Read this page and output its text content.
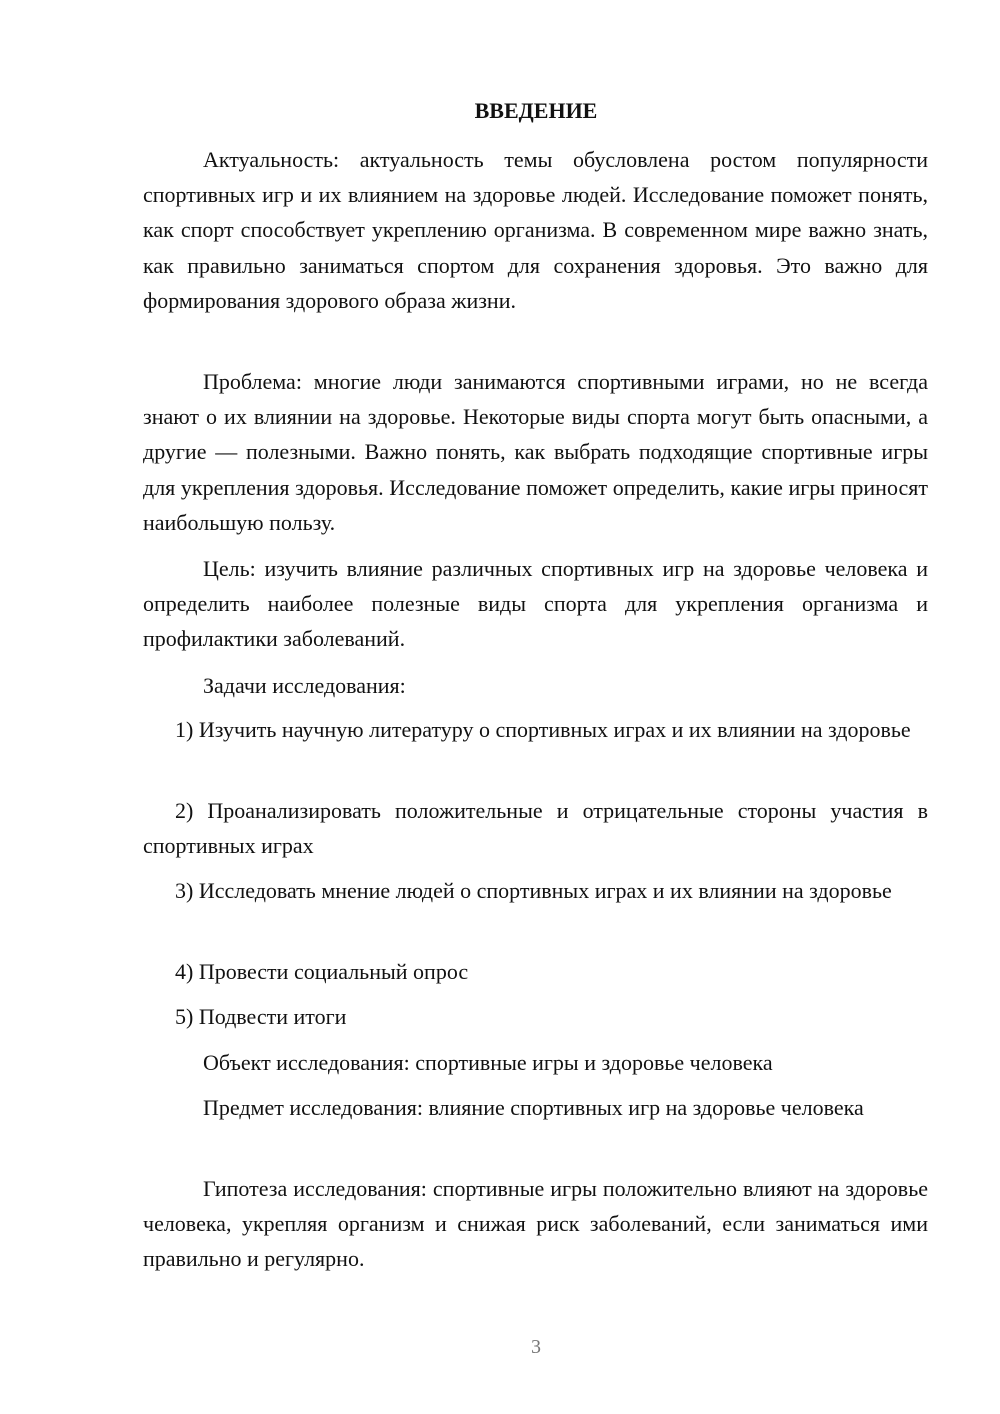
ВВЕДЕНИЕ

Актуальность: актуальность темы обусловлена ростом популярности спортивных игр и их влиянием на здоровье людей. Исследование поможет понять, как спорт способствует укреплению организма. В современном мире важно знать, как правильно заниматься спортом для сохранения здоровья. Это важно для формирования здорового образа жизни.

Проблема: многие люди занимаются спортивными играми, но не всегда знают о их влиянии на здоровье. Некоторые виды спорта могут быть опасными, а другие — полезными. Важно понять, как выбрать подходящие спортивные игры для укрепления здоровья. Исследование поможет определить, какие игры приносят наибольшую пользу.

Цель: изучить влияние различных спортивных игр на здоровье человека и определить наиболее полезные виды спорта для укрепления организма и профилактики заболеваний.

Задачи исследования:

1) Изучить научную литературу о спортивных играх и их влиянии на здоровье

2) Проанализировать положительные и отрицательные стороны участия в спортивных играх

3) Исследовать мнение людей о спортивных играх и их влиянии на здоровье

4) Провести социальный опрос

5) Подвести итоги

Объект исследования: спортивные игры и здоровье человека

Предмет исследования: влияние спортивных игр на здоровье человека

Гипотеза исследования: спортивные игры положительно влияют на здоровье человека, укрепляя организм и снижая риск заболеваний, если заниматься ими правильно и регулярно.

3
